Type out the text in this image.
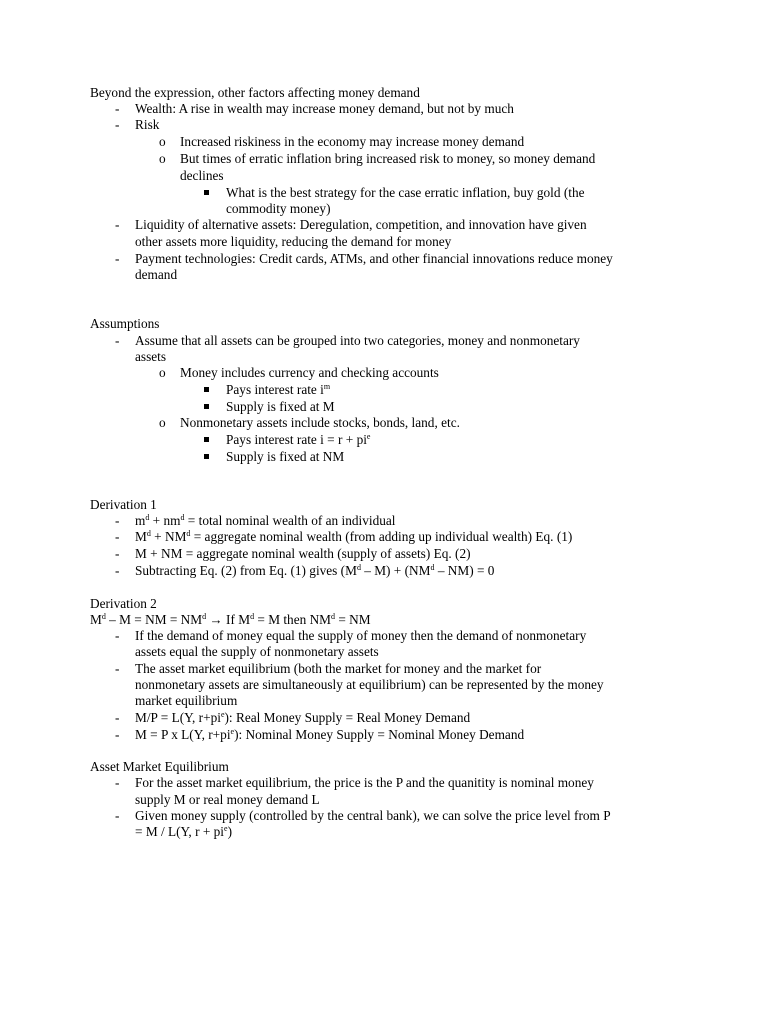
Beyond the expression, other factors affecting money demand
- Wealth: A rise in wealth may increase money demand, but not by much
- Risk
o Increased riskiness in the economy may increase money demand
o But times of erratic inflation bring increased risk to money, so money demand
declines
What is the best strategy for the case erratic inflation, buy gold (the
commodity money)
- Liquidity of alternative assets: Deregulation, competition, and innovation have given
other assets more liquidity, reducing the demand for money
- Payment technologies: Credit cards, ATMs, and other financial innovations reduce money
demand
Assumptions
- Assume that all assets can be grouped into two categories, money and nonmonetary
assets
o Money includes currency and checking accounts
Pays interest rate $i^m$
Supply is fixed at M
o Nonmonetary assets include stocks, bonds, land, etc.
Pays interest rate $i = r + pi^e$
Supply is fixed at NM
Derivation 1
- $m^d + nm^d$ = total nominal wealth of an individual
- $M^d + NM^d$ = aggregate nominal wealth (from adding up individual wealth) Eq. (1)
- M + NM = aggregate nominal wealth (supply of assets) Eq. (2)
- Subtracting Eq. (2) from Eq. (1) gives $(M^d - M) + (NM^d - NM) = 0$
Derivation 2
$M^d$ – M = NM = $NM^d \to If$ $M^d = M$ then $NM^d$ = NM
- If the demand of money equal the supply of money then the demand of nonmonetary
assets equal the supply of nonmonetary assets
- The asset market equilibrium (both the market for money and the market for
nonmonetary assets are simultaneously at equilibrium) can be represented by the money
market equilibrium
- M/P = L(Y, $r+pi^e$): Real Money Supply = Real Money Demand
- M = P x L(Y, $r+pi^e$): Nominal Money Supply = Nominal Money Demand
Asset Market Equilibrium
- For the asset market equilibrium, the price is the P and the quanitity is nominal money
supply M or real money demand L
- Given money supply (controlled by the central bank), we can solve the price level from P
= M / L(Y, $r + pi^e$)
